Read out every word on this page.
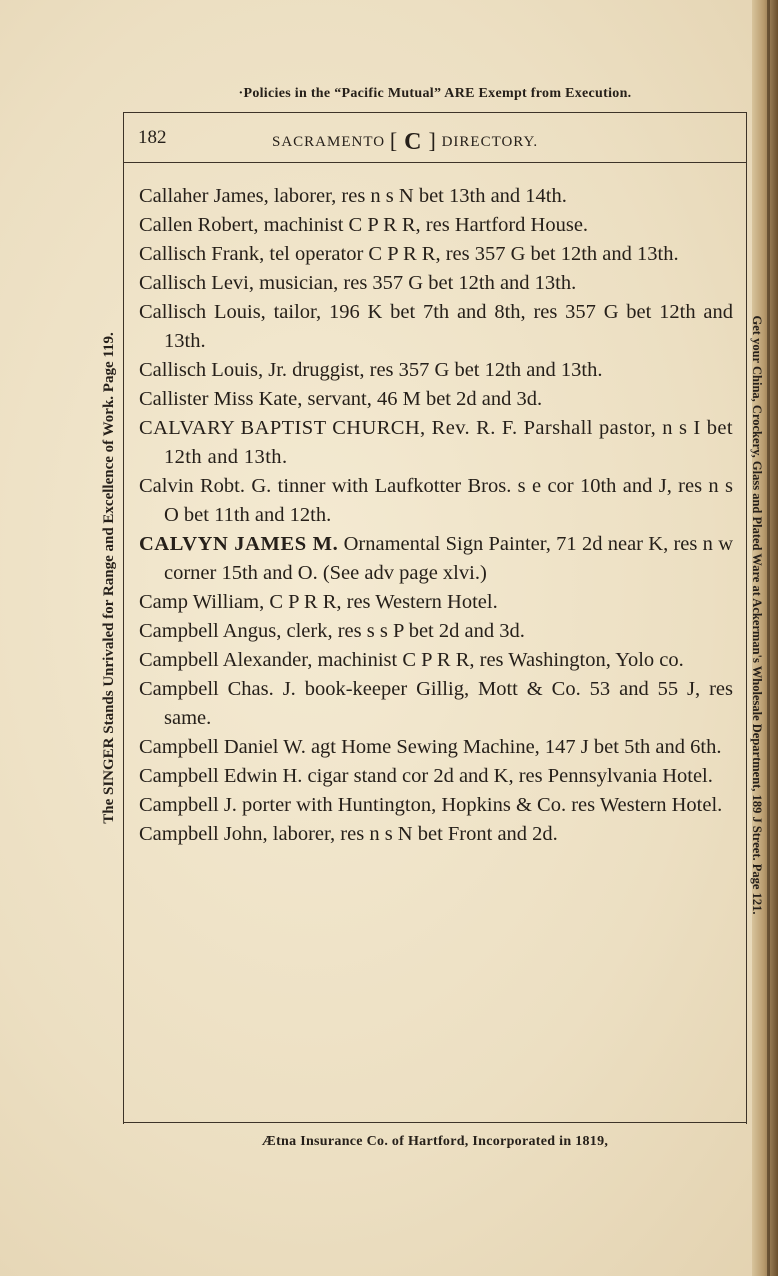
·Policies in the “Pacific Mutual” ARE Exempt from Execution.
182	SACRAMENTO [ C ] DIRECTORY.

Callaher James, laborer, res n s N bet 13th and 14th.

Callen Robert, machinist C P R R, res Hartford House.

Callisch Frank, tel operator C P R R, res 357 G bet 12th and 13th.

Callisch Levi, musician, res 357 G bet 12th and 13th.

Callisch Louis, tailor, 196 K bet 7th and 8th, res 357 G bet 12th and 13th.

Callisch Louis, Jr. druggist, res 357 G bet 12th and 13th.

Callister Miss Kate, servant, 46 M bet 2d and 3d.

CALVARY BAPTIST CHURCH, Rev. R. F. Parshall pastor, n s I bet 12th and 13th.

Calvin Robt. G. tinner with Laufkotter Bros. s e cor 10th and J, res n s O bet 11th and 12th.

CALVYN JAMES M. Ornamental Sign Painter, 71 2d near K, res n w corner 15th and O. (See adv page xlvi.)

Camp William, C P R R, res Western Hotel.

Campbell Angus, clerk, res s s P bet 2d and 3d.

Campbell Alexander, machinist C P R R, res Washington, Yolo co.

Campbell Chas. J. book-keeper Gillig, Mott & Co. 53 and 55 J, res same.

Campbell Daniel W. agt Home Sewing Machine, 147 J bet 5th and 6th.

Campbell Edwin H. cigar stand cor 2d and K, res Pennsylvania Hotel.

Campbell J. porter with Huntington, Hopkins & Co. res Western Hotel.

Campbell John, laborer, res n s N bet Front and 2d.

The SINGER Stands Unrivaled for Range and Excellence of Work. Page 119.	Get your China, Crockery, Glass and Plated Ware at Ackerman's Wholesale Department, 189 J Street. Page 121.
Ætna Insurance Co. of Hartford, Incorporated in 1819,
